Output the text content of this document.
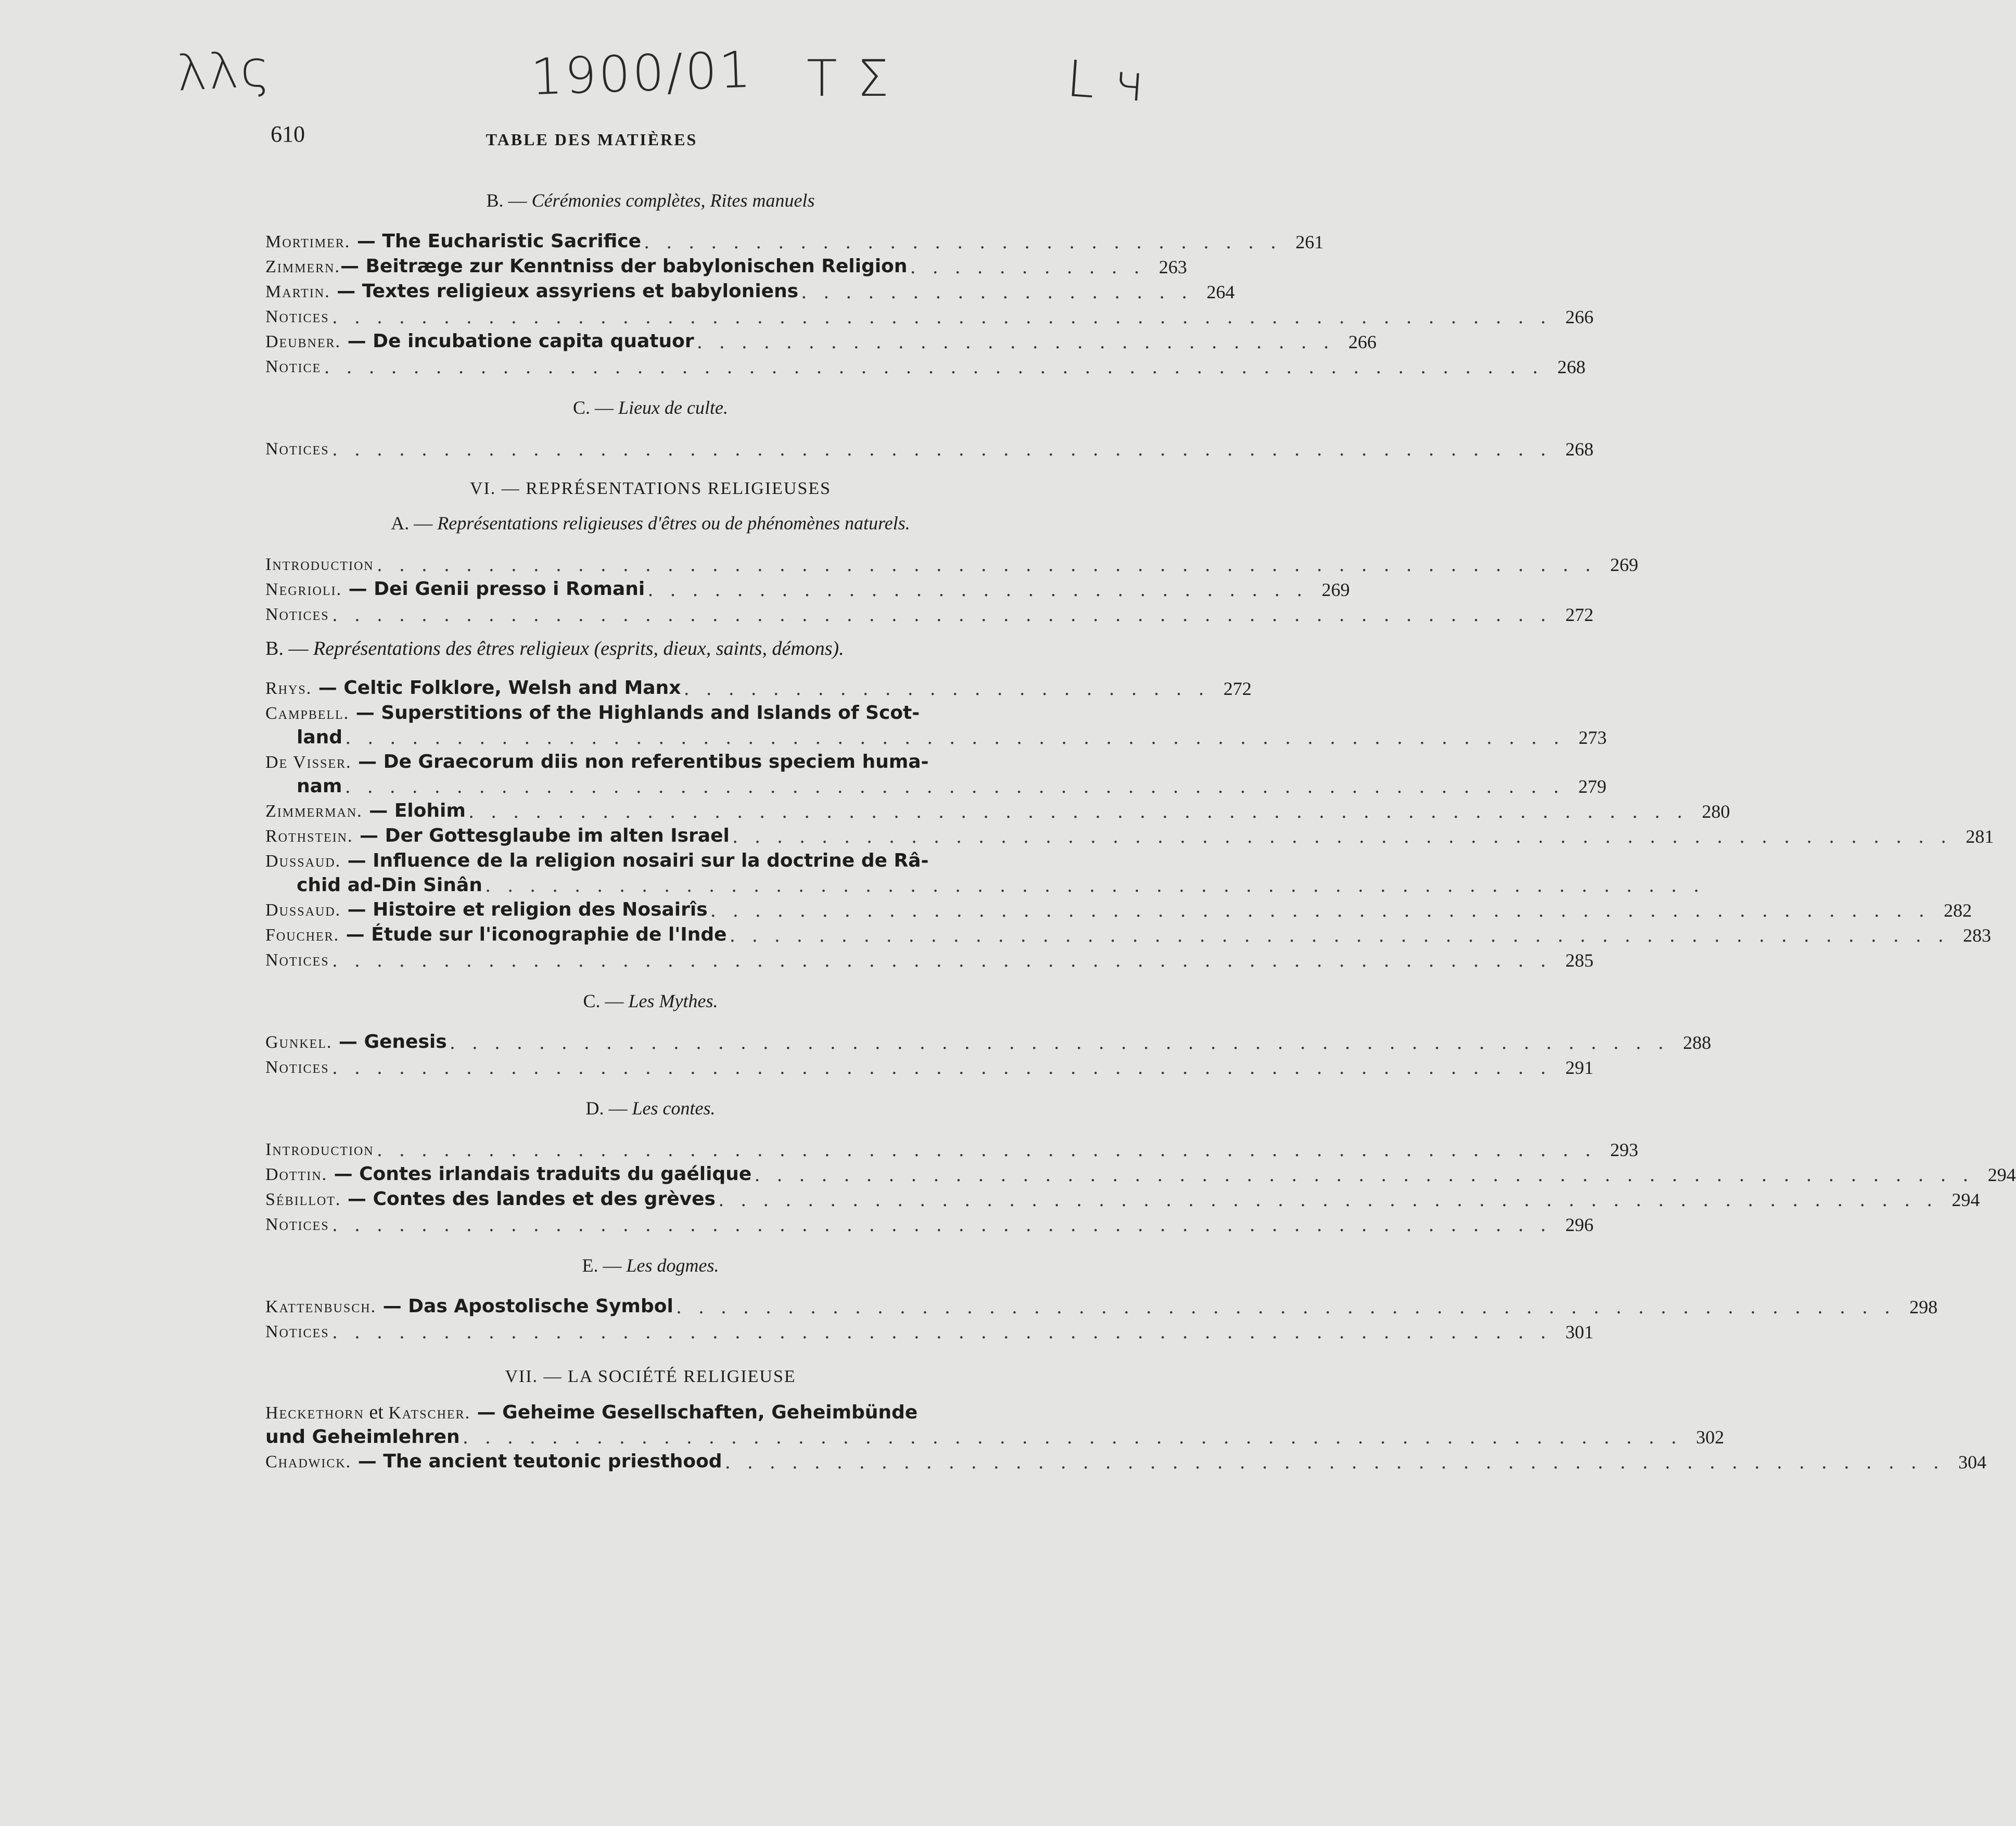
λλς	1900/01 Τ Σ	L ч
610	TABLE DES MATIÈRES
B. — Cérémonies complètes, Rites manuels
Mortimer. — The Eucharistic Sacrifice . . . . . . . . . . . . . . . . . . . . . . . . . . . . . 261
Zimmern.— Beitræge zur Kenntniss der babylonischen Religion . . . . . . . . . . . 263
Martin. — Textes religieux assyriens et babyloniens . . . . . . . . . . . . . . . . . . 264
Notices . . . . . . . . . . . . . . . . . . . . . . . . . . . . . . . . . . . . . . . . . . . . . . . . . . . . . . . 266
Deubner. — De incubatione capita quatuor . . . . . . . . . . . . . . . . . . . . . . . . . . . . . 266
Notice . . . . . . . . . . . . . . . . . . . . . . . . . . . . . . . . . . . . . . . . . . . . . . . . . . . . . . . 268
C. — Lieux de culte.
Notices . . . . . . . . . . . . . . . . . . . . . . . . . . . . . . . . . . . . . . . . . . . . . . . . . . . . . . . 268
VI. — REPRÉSENTATIONS RELIGIEUSES
A. — Représentations religieuses d'êtres ou de phénomènes naturels.
Introduction . . . . . . . . . . . . . . . . . . . . . . . . . . . . . . . . . . . . . . . . . . . . . . . . . . . . . . . 269
Negrioli. — Dei Genii presso i Romani . . . . . . . . . . . . . . . . . . . . . . . . . . . . . . 269
Notices . . . . . . . . . . . . . . . . . . . . . . . . . . . . . . . . . . . . . . . . . . . . . . . . . . . . . . . 272
B. — Représentations des êtres religieux (esprits, dieux, saints, démons).
Rhys. — Celtic Folklore, Welsh and Manx . . . . . . . . . . . . . . . . . . . . . . . . 272
Campbell. — Superstitions of the Highlands and Islands of Scot-
land . . . . . . . . . . . . . . . . . . . . . . . . . . . . . . . . . . . . . . . . . . . . . . . . . . . . . . . 273
De Visser. — De Graecorum diis non referentibus speciem huma-
nam . . . . . . . . . . . . . . . . . . . . . . . . . . . . . . . . . . . . . . . . . . . . . . . . . . . . . . . 279
Zimmerman. — Elohim . . . . . . . . . . . . . . . . . . . . . . . . . . . . . . . . . . . . . . . . . . . . . . . . . . . . . . . 280
Rothstein. — Der Gottesglaube im alten Israel . . . . . . . . . . . . . . . . . . . . . . . . . . . . . . . . . . . . . . . . . . . . . . . . . . . . . . . 281
Dussaud. — Influence de la religion nosairi sur la doctrine de Râ-
chid ad-Din Sinân . . . . . . . . . . . . . . . . . . . . . . . . . . . . . . . . . . . . . . . . . . . . . . . . . . . . . . .
Dussaud. — Histoire et religion des Nosairîs . . . . . . . . . . . . . . . . . . . . . . . . . . . . . . . . . . . . . . . . . . . . . . . . . . . . . . . 282
Foucher. — Étude sur l'iconographie de l'Inde . . . . . . . . . . . . . . . . . . . . . . . . . . . . . . . . . . . . . . . . . . . . . . . . . . . . . . . 283
Notices . . . . . . . . . . . . . . . . . . . . . . . . . . . . . . . . . . . . . . . . . . . . . . . . . . . . . . . 285
C. — Les Mythes.
Gunkel. — Genesis . . . . . . . . . . . . . . . . . . . . . . . . . . . . . . . . . . . . . . . . . . . . . . . . . . . . . . . 288
Notices . . . . . . . . . . . . . . . . . . . . . . . . . . . . . . . . . . . . . . . . . . . . . . . . . . . . . . . 291
D. — Les contes.
Introduction . . . . . . . . . . . . . . . . . . . . . . . . . . . . . . . . . . . . . . . . . . . . . . . . . . . . . . . 293
Dottin. — Contes irlandais traduits du gaélique . . . . . . . . . . . . . . . . . . . . . . . . . . . . . . . . . . . . . . . . . . . . . . . . . . . . . . . 294
Sébillot. — Contes des landes et des grèves . . . . . . . . . . . . . . . . . . . . . . . . . . . . . . . . . . . . . . . . . . . . . . . . . . . . . . . 294
Notices . . . . . . . . . . . . . . . . . . . . . . . . . . . . . . . . . . . . . . . . . . . . . . . . . . . . . . . 296
E. — Les dogmes.
Kattenbusch. — Das Apostolische Symbol . . . . . . . . . . . . . . . . . . . . . . . . . . . . . . . . . . . . . . . . . . . . . . . . . . . . . . . 298
Notices . . . . . . . . . . . . . . . . . . . . . . . . . . . . . . . . . . . . . . . . . . . . . . . . . . . . . . . 301
VII. — LA SOCIÉTÉ RELIGIEUSE
Heckethorn et Katscher. — Geheime Gesellschaften, Geheimbünde
und Geheimlehren . . . . . . . . . . . . . . . . . . . . . . . . . . . . . . . . . . . . . . . . . . . . . . . . . . . . . . . 302
Chadwick. — The ancient teutonic priesthood . . . . . . . . . . . . . . . . . . . . . . . . . . . . . . . . . . . . . . . . . . . . . . . . . . . . . . . 304
